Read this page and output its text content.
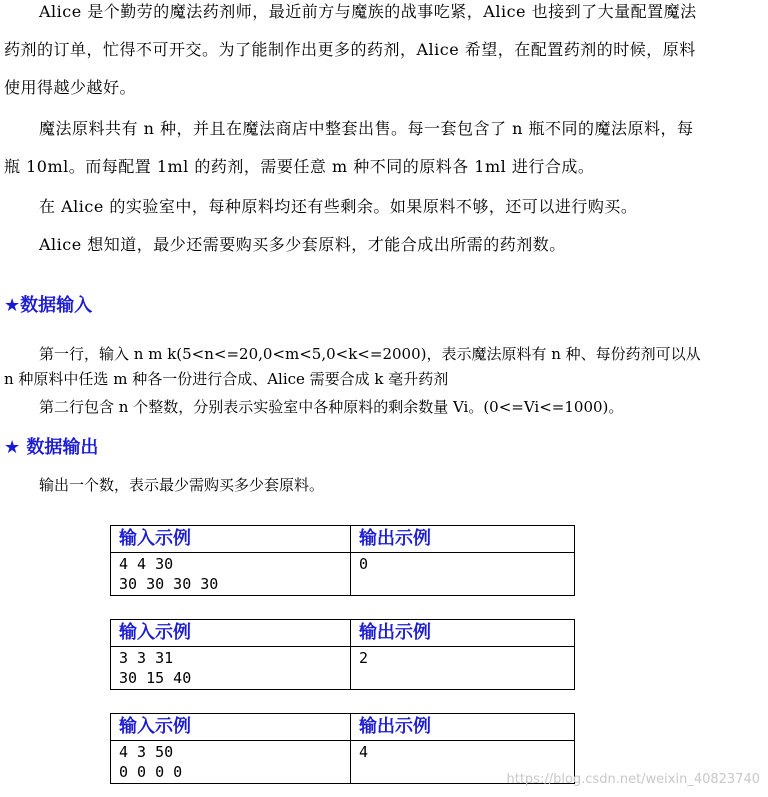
Alice 是个勤劳的魔法药剂师，最近前方与魔族的战事吃紧，Alice 也接到了大量配置魔法药剂的订单，忙得不可开交。为了能制作出更多的药剂，Alice 希望，在配置药剂的时候，原料使用得越少越好。

魔法原料共有 n 种，并且在魔法商店中整套出售。每一套包含了 n 瓶不同的魔法原料，每瓶 10ml。而每配置 1ml 的药剂，需要任意 m 种不同的原料各 1ml 进行合成。

在 Alice 的实验室中，每种原料均还有些剩余。如果原料不够，还可以进行购买。

Alice 想知道，最少还需要购买多少套原料，才能合成出所需的药剂数。

★数据输入

第一行，输入 n m k(5<n<=20,0<m<5,0<k<=2000)，表示魔法原料有 n 种、每份药剂可以从 n 种原料中任选 m 种各一份进行合成、Alice 需要合成 k 毫升药剂

第二行包含 n 个整数，分别表示实验室中各种原料的剩余数量 Vi。(0<=Vi<=1000)。

★ 数据输出

输出一个数，表示最少需购买多少套原料。

输入示例	输出示例
4 4 30
30 30 30 30	0
输入示例	输出示例
3 3 31
30 15 40	2
输入示例	输出示例
4 3 50
0 0 0 0	4
https://blog.csdn.net/weixin_40823740
